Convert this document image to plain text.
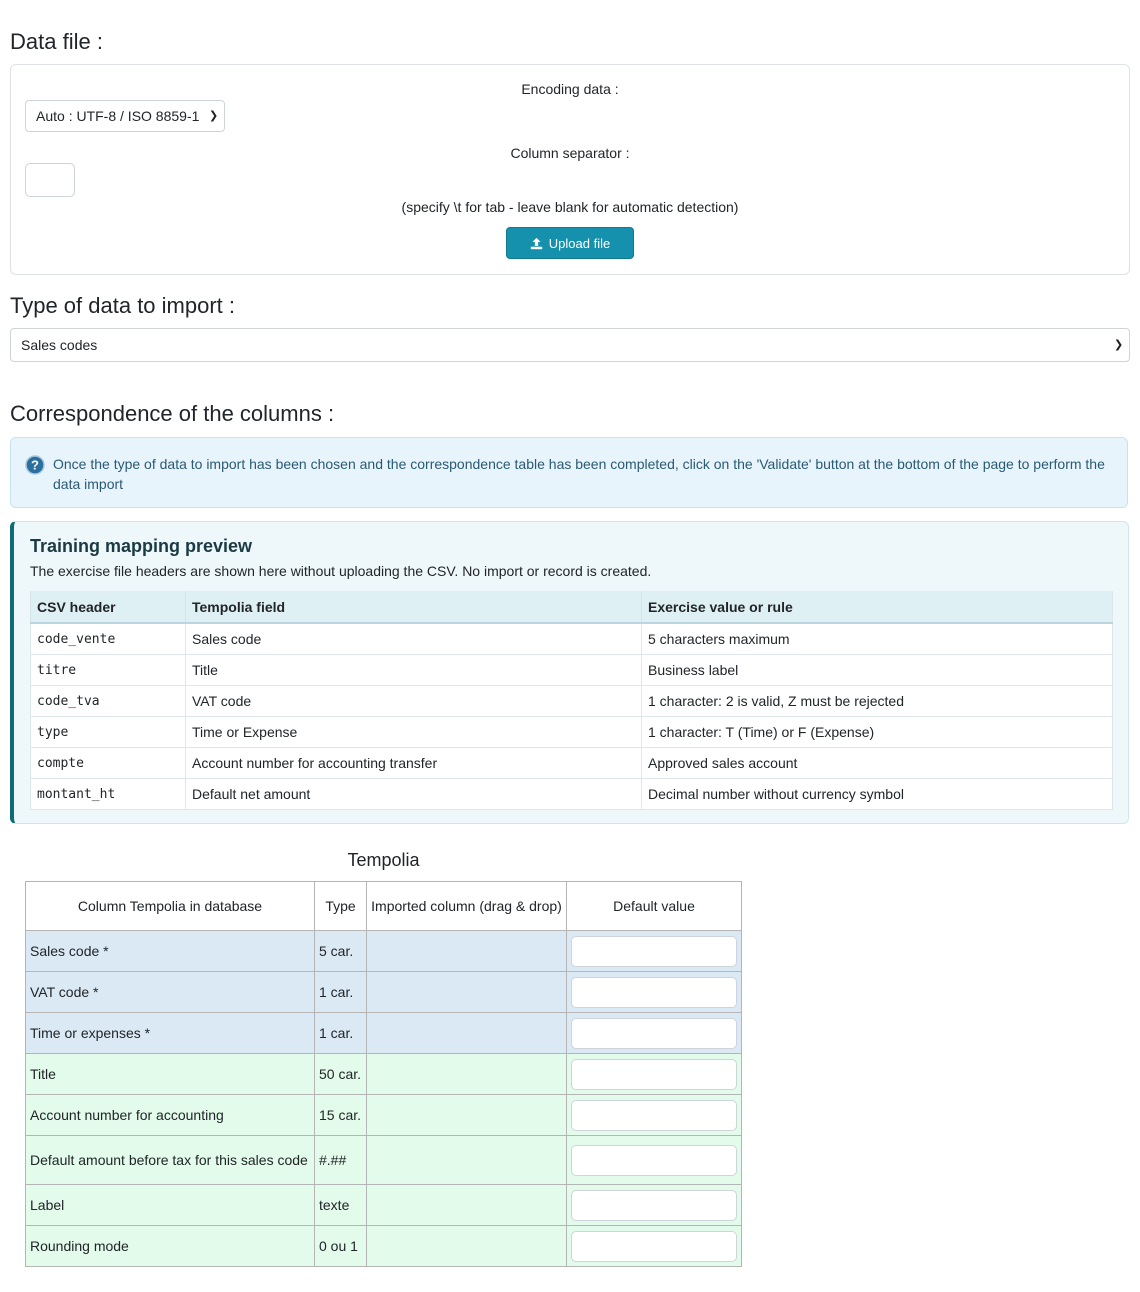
Data file :
Encoding data :
Auto : UTF-8 / ISO 8859-1
❯
Column separator :
(specify \t for tab - leave blank for automatic detection)
Upload file
Type of data to import :
Sales codes
❯
Correspondence of the columns :
? Once the type of data to import has been chosen and the correspondence table has been completed, click on the 'Validate' button at the bottom of the page to perform the data import
Training mapping preview
The exercise file headers are shown here without uploading the CSV. No import or record is created.
CSV header	Tempolia field	Exercise value or rule
code_vente	Sales code	5 characters maximum
titre	Title	Business label
code_tva	VAT code	1 character: 2 is valid, Z must be rejected
type	Time or Expense	1 character: T (Time) or F (Expense)
compte	Account number for accounting transfer	Approved sales account
montant_ht	Default net amount	Decimal number without currency symbol
Tempolia
Column Tempolia in database	Type	Imported column (drag & drop)	Default value
Sales code *	5 car.		

VAT code *	1 car.		

Time or expenses *	1 car.		

Title	50 car.		

Account number for accounting	15 car.		

Default amount before tax for this sales code	#.##		

Label	texte		

Rounding mode	0 ou 1		
